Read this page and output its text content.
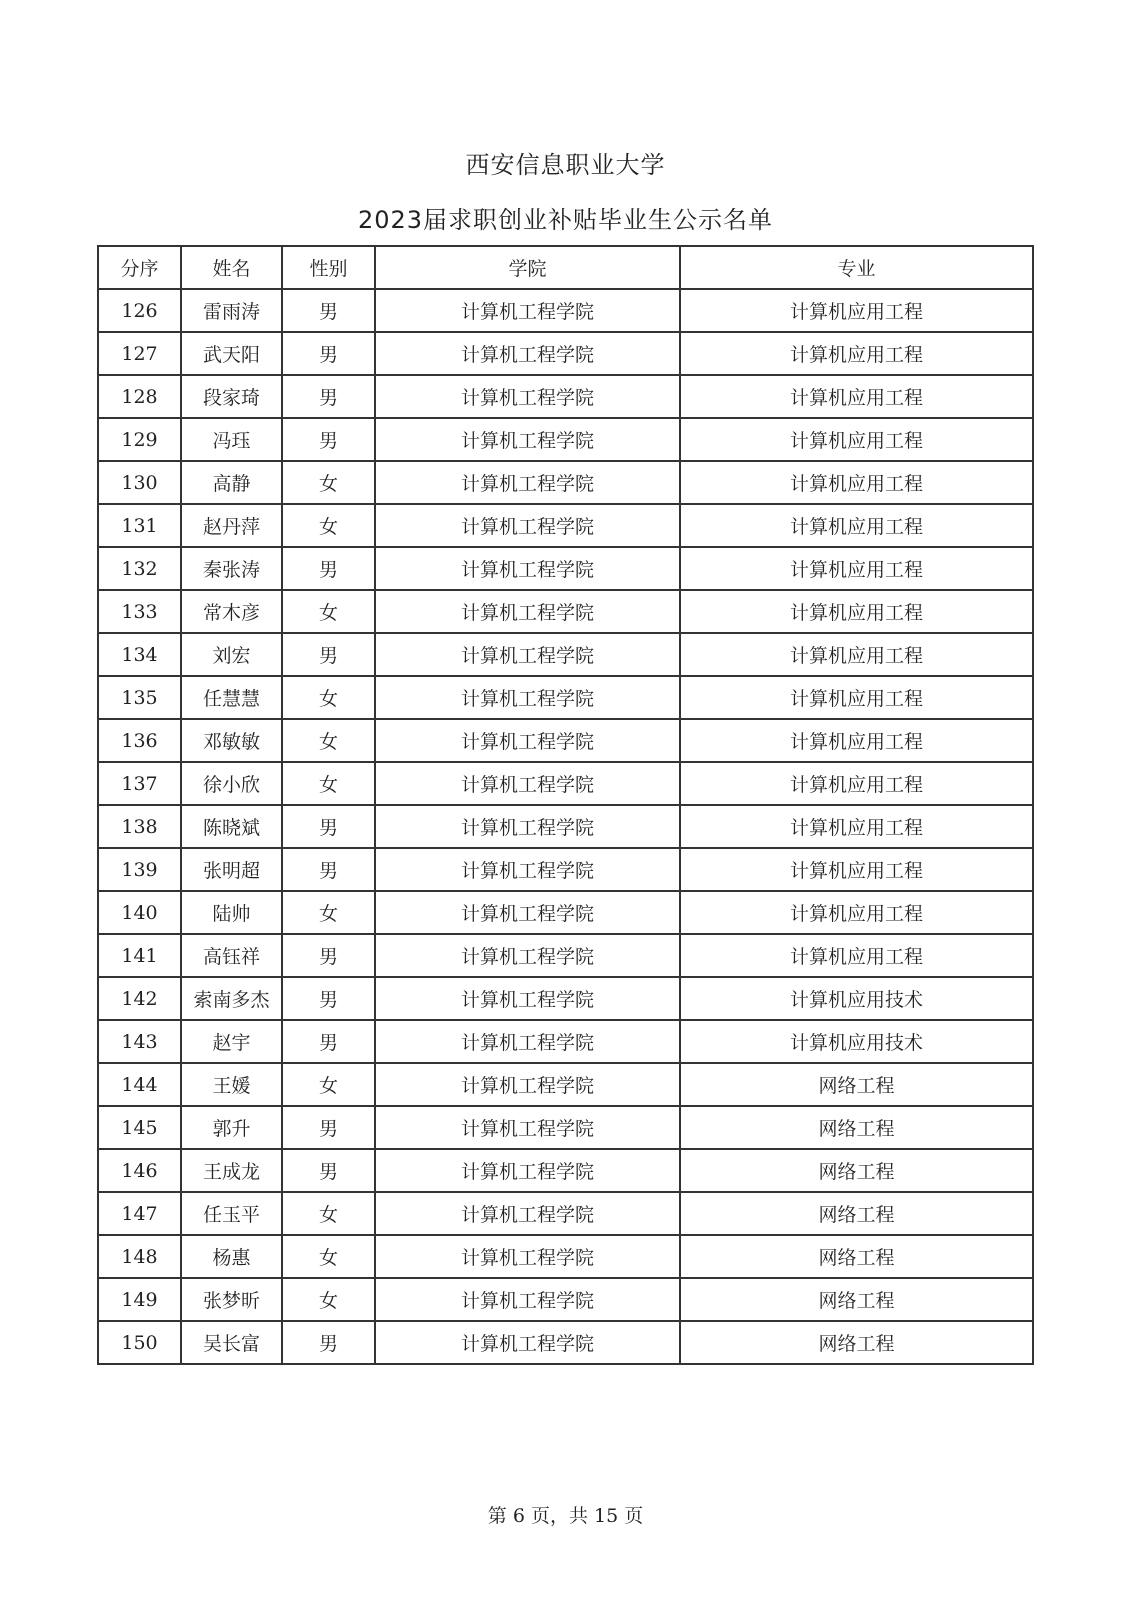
西安信息职业大学
2023届求职创业补贴毕业生公示名单
分序	姓名	性别	学院	专业
126	雷雨涛	男	计算机工程学院	计算机应用工程
127	武天阳	男	计算机工程学院	计算机应用工程
128	段家琦	男	计算机工程学院	计算机应用工程
129	冯珏	男	计算机工程学院	计算机应用工程
130	高静	女	计算机工程学院	计算机应用工程
131	赵丹萍	女	计算机工程学院	计算机应用工程
132	秦张涛	男	计算机工程学院	计算机应用工程
133	常木彦	女	计算机工程学院	计算机应用工程
134	刘宏	男	计算机工程学院	计算机应用工程
135	任慧慧	女	计算机工程学院	计算机应用工程
136	邓敏敏	女	计算机工程学院	计算机应用工程
137	徐小欣	女	计算机工程学院	计算机应用工程
138	陈晓斌	男	计算机工程学院	计算机应用工程
139	张明超	男	计算机工程学院	计算机应用工程
140	陆帅	女	计算机工程学院	计算机应用工程
141	高钰祥	男	计算机工程学院	计算机应用工程
142	索南多杰	男	计算机工程学院	计算机应用技术
143	赵宇	男	计算机工程学院	计算机应用技术
144	王媛	女	计算机工程学院	网络工程
145	郭升	男	计算机工程学院	网络工程
146	王成龙	男	计算机工程学院	网络工程
147	任玉平	女	计算机工程学院	网络工程
148	杨惠	女	计算机工程学院	网络工程
149	张梦昕	女	计算机工程学院	网络工程
150	吴长富	男	计算机工程学院	网络工程
第 6 页，共 15 页
